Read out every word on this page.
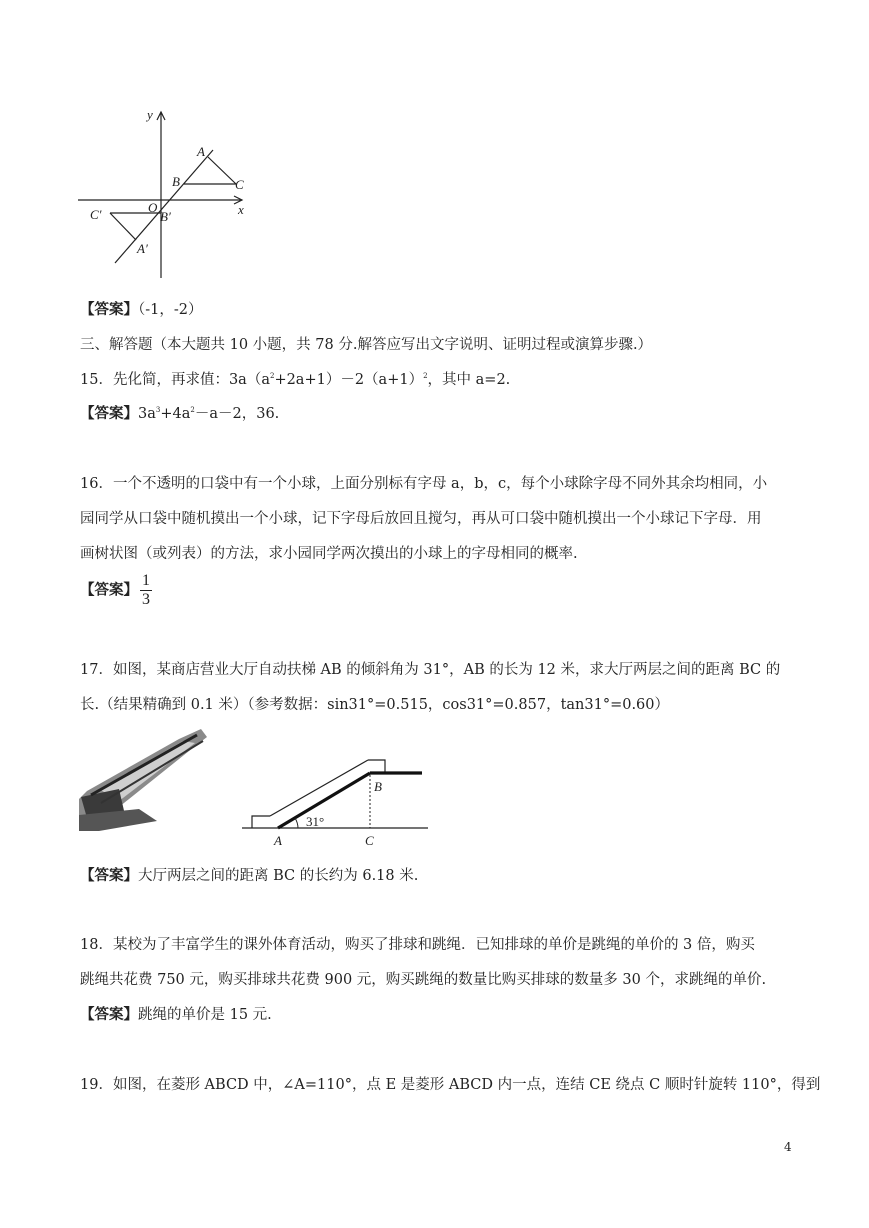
y
x
O
A
B	C
C′	B′
A′
【答案】（-1，-2）
三、解答题（本大题共 10 小题，共 78 分.解答应写出文字说明、证明过程或演算步骤.）
15．先化简，再求值：$3a(a^2+2a+1)-2(a+1)^2$，其中 a=2.
【答案】$3a^3+4a^2-a-2$，36.
16．一个不透明的口袋中有一个小球，上面分别标有字母 a，b，c，每个小球除字母不同外其余均相同，小
园同学从口袋中随机摸出一个小球，记下字母后放回且搅匀，再从可口袋中随机摸出一个小球记下字母．用
画树状图（或列表）的方法，求小园同学两次摸出的小球上的字母相同的概率.
【答案】 $\frac{1}{3}$
17．如图，某商店营业大厅自动扶梯 AB 的倾斜角为 31°，AB 的长为 12 米，求大厅两层之间的距离 BC 的
长.（结果精确到 0.1 米）（参考数据：sin31°=0.515，cos31°=0.857，tan31°=0.60）
A
B
C
31°
【答案】大厅两层之间的距离 BC 的长约为 6.18 米.
18．某校为了丰富学生的课外体育活动，购买了排球和跳绳．已知排球的单价是跳绳的单价的 3 倍，购买
跳绳共花费 750 元，购买排球共花费 900 元，购买跳绳的数量比购买排球的数量多 30 个，求跳绳的单价.
【答案】跳绳的单价是 15 元.
19．如图，在菱形 ABCD 中，∠A=110°，点 E 是菱形 ABCD 内一点，连结 CE 绕点 C 顺时针旋转 110°，得到
4
